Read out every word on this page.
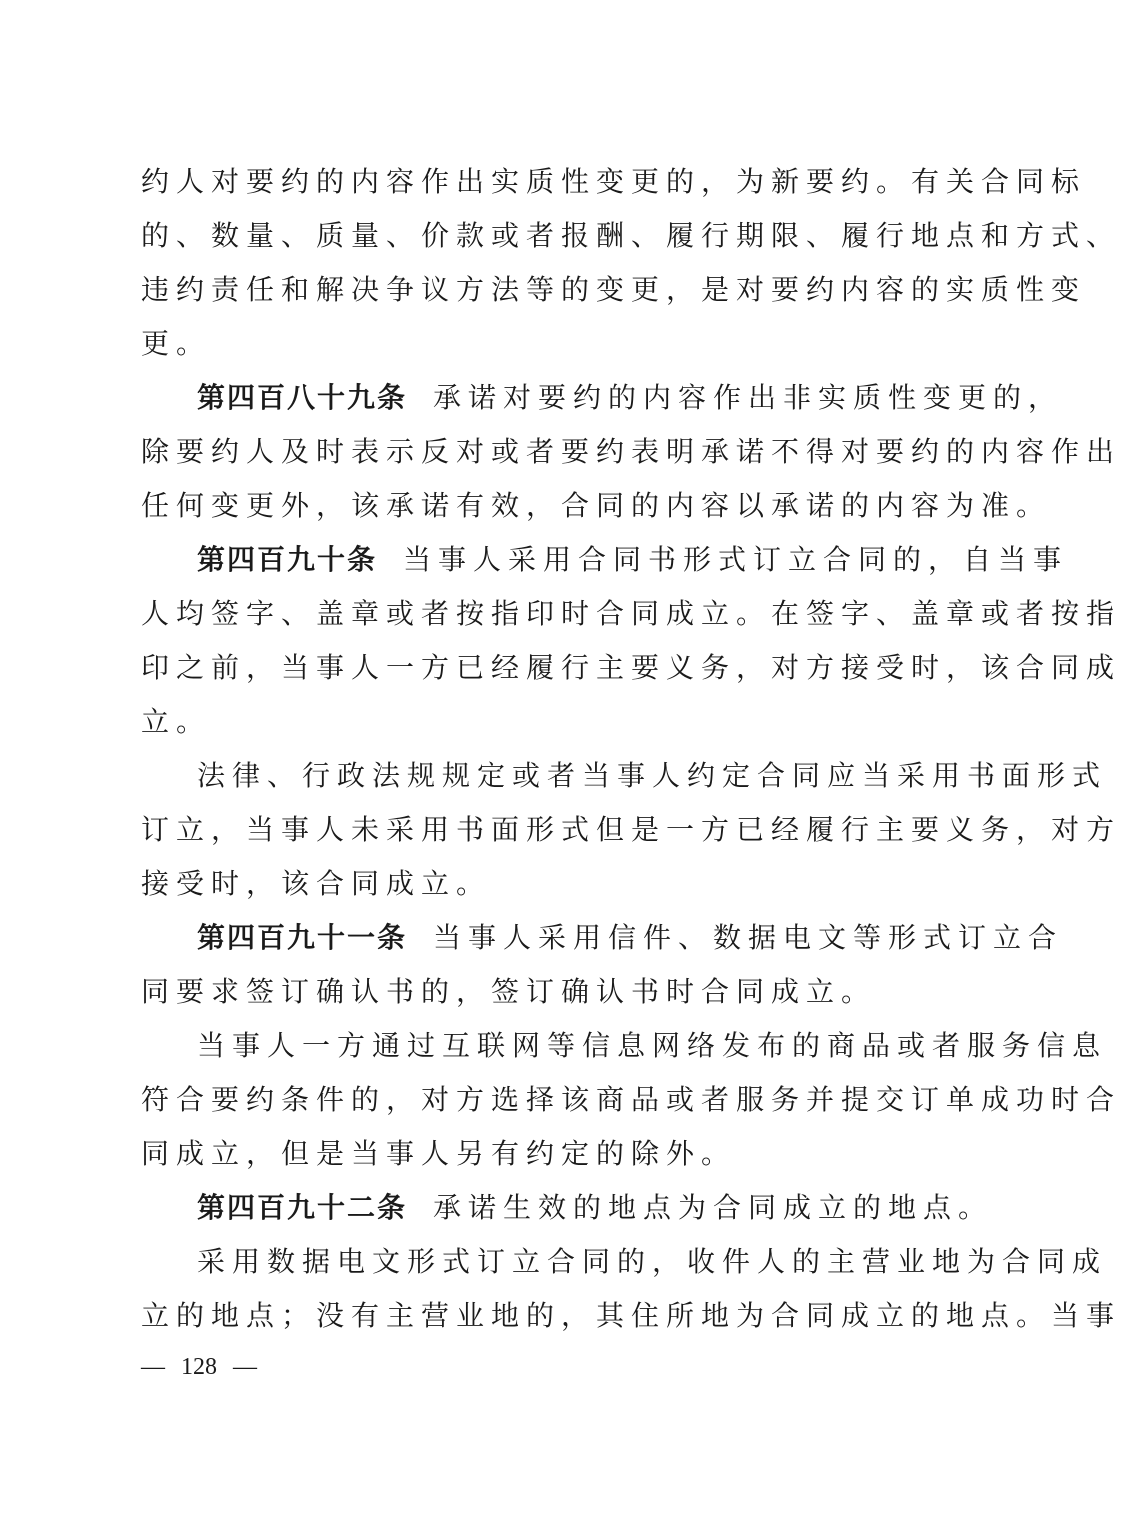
约人对要约的内容作出实质性变更的，为新要约。有关合同标
的、数量、质量、价款或者报酬、履行期限、履行地点和方式、
违约责任和解决争议方法等的变更，是对要约内容的实质性变
更。
第四百八十九条 承诺对要约的内容作出非实质性变更的，
除要约人及时表示反对或者要约表明承诺不得对要约的内容作出
任何变更外，该承诺有效，合同的内容以承诺的内容为准。
第四百九十条 当事人采用合同书形式订立合同的，自当事
人均签字、盖章或者按指印时合同成立。在签字、盖章或者按指
印之前，当事人一方已经履行主要义务，对方接受时，该合同成
立。
法律、行政法规规定或者当事人约定合同应当采用书面形式
订立，当事人未采用书面形式但是一方已经履行主要义务，对方
接受时，该合同成立。
第四百九十一条 当事人采用信件、数据电文等形式订立合
同要求签订确认书的，签订确认书时合同成立。
当事人一方通过互联网等信息网络发布的商品或者服务信息
符合要约条件的，对方选择该商品或者服务并提交订单成功时合
同成立，但是当事人另有约定的除外。
第四百九十二条 承诺生效的地点为合同成立的地点。
采用数据电文形式订立合同的，收件人的主营业地为合同成
立的地点；没有主营业地的，其住所地为合同成立的地点。当事
— 128 —
